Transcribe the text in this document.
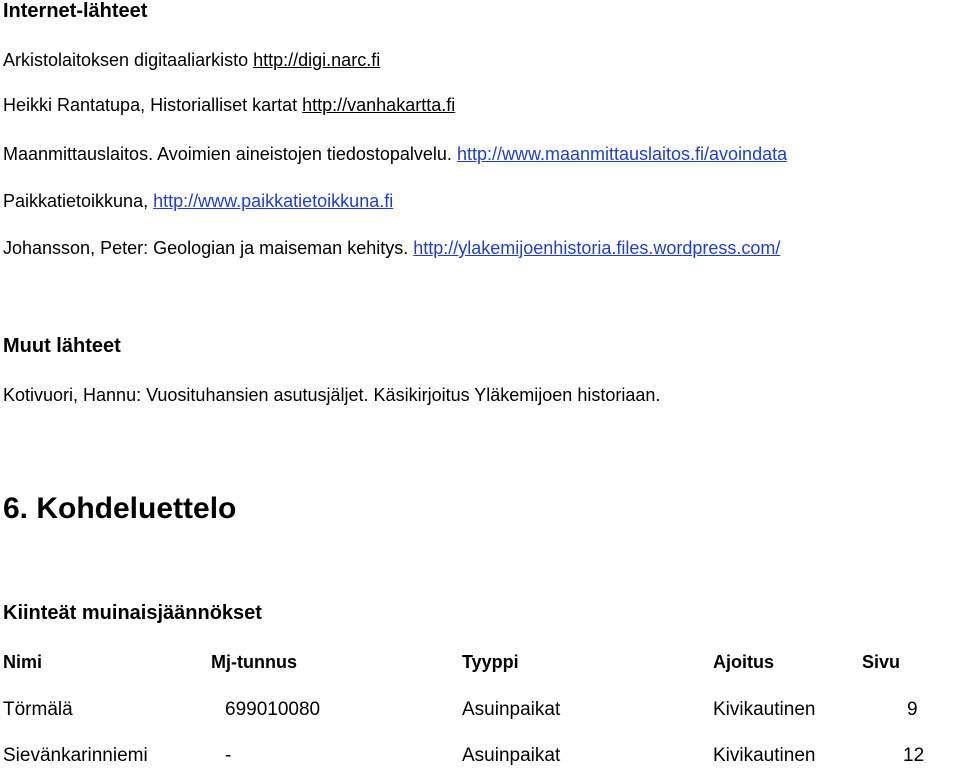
Internet-lähteet
Arkistolaitoksen digitaaliarkisto http://digi.narc.fi
Heikki Rantatupa, Historialliset kartat http://vanhakartta.fi
Maanmittauslaitos. Avoimien aineistojen tiedostopalvelu. http://www.maanmittauslaitos.fi/avoindata
Paikkatietoikkuna, http://www.paikkatietoikkuna.fi
Johansson, Peter: Geologian ja maiseman kehitys. http://ylakemijoenhistoria.files.wordpress.com/
Muut lähteet
Kotivuori, Hannu: Vuosituhansien asutusjäljet. Käsikirjoitus Yläkemijoen historiaan.
6. Kohdeluettelo
Kiinteät muinaisjäännökset
Nimi	Mj-tunnus	Tyyppi	Ajoitus	Sivu
Törmälä	699010080	Asuinpaikat	Kivikautinen	9
Sievänkarinniemi	-	Asuinpaikat	Kivikautinen	12
